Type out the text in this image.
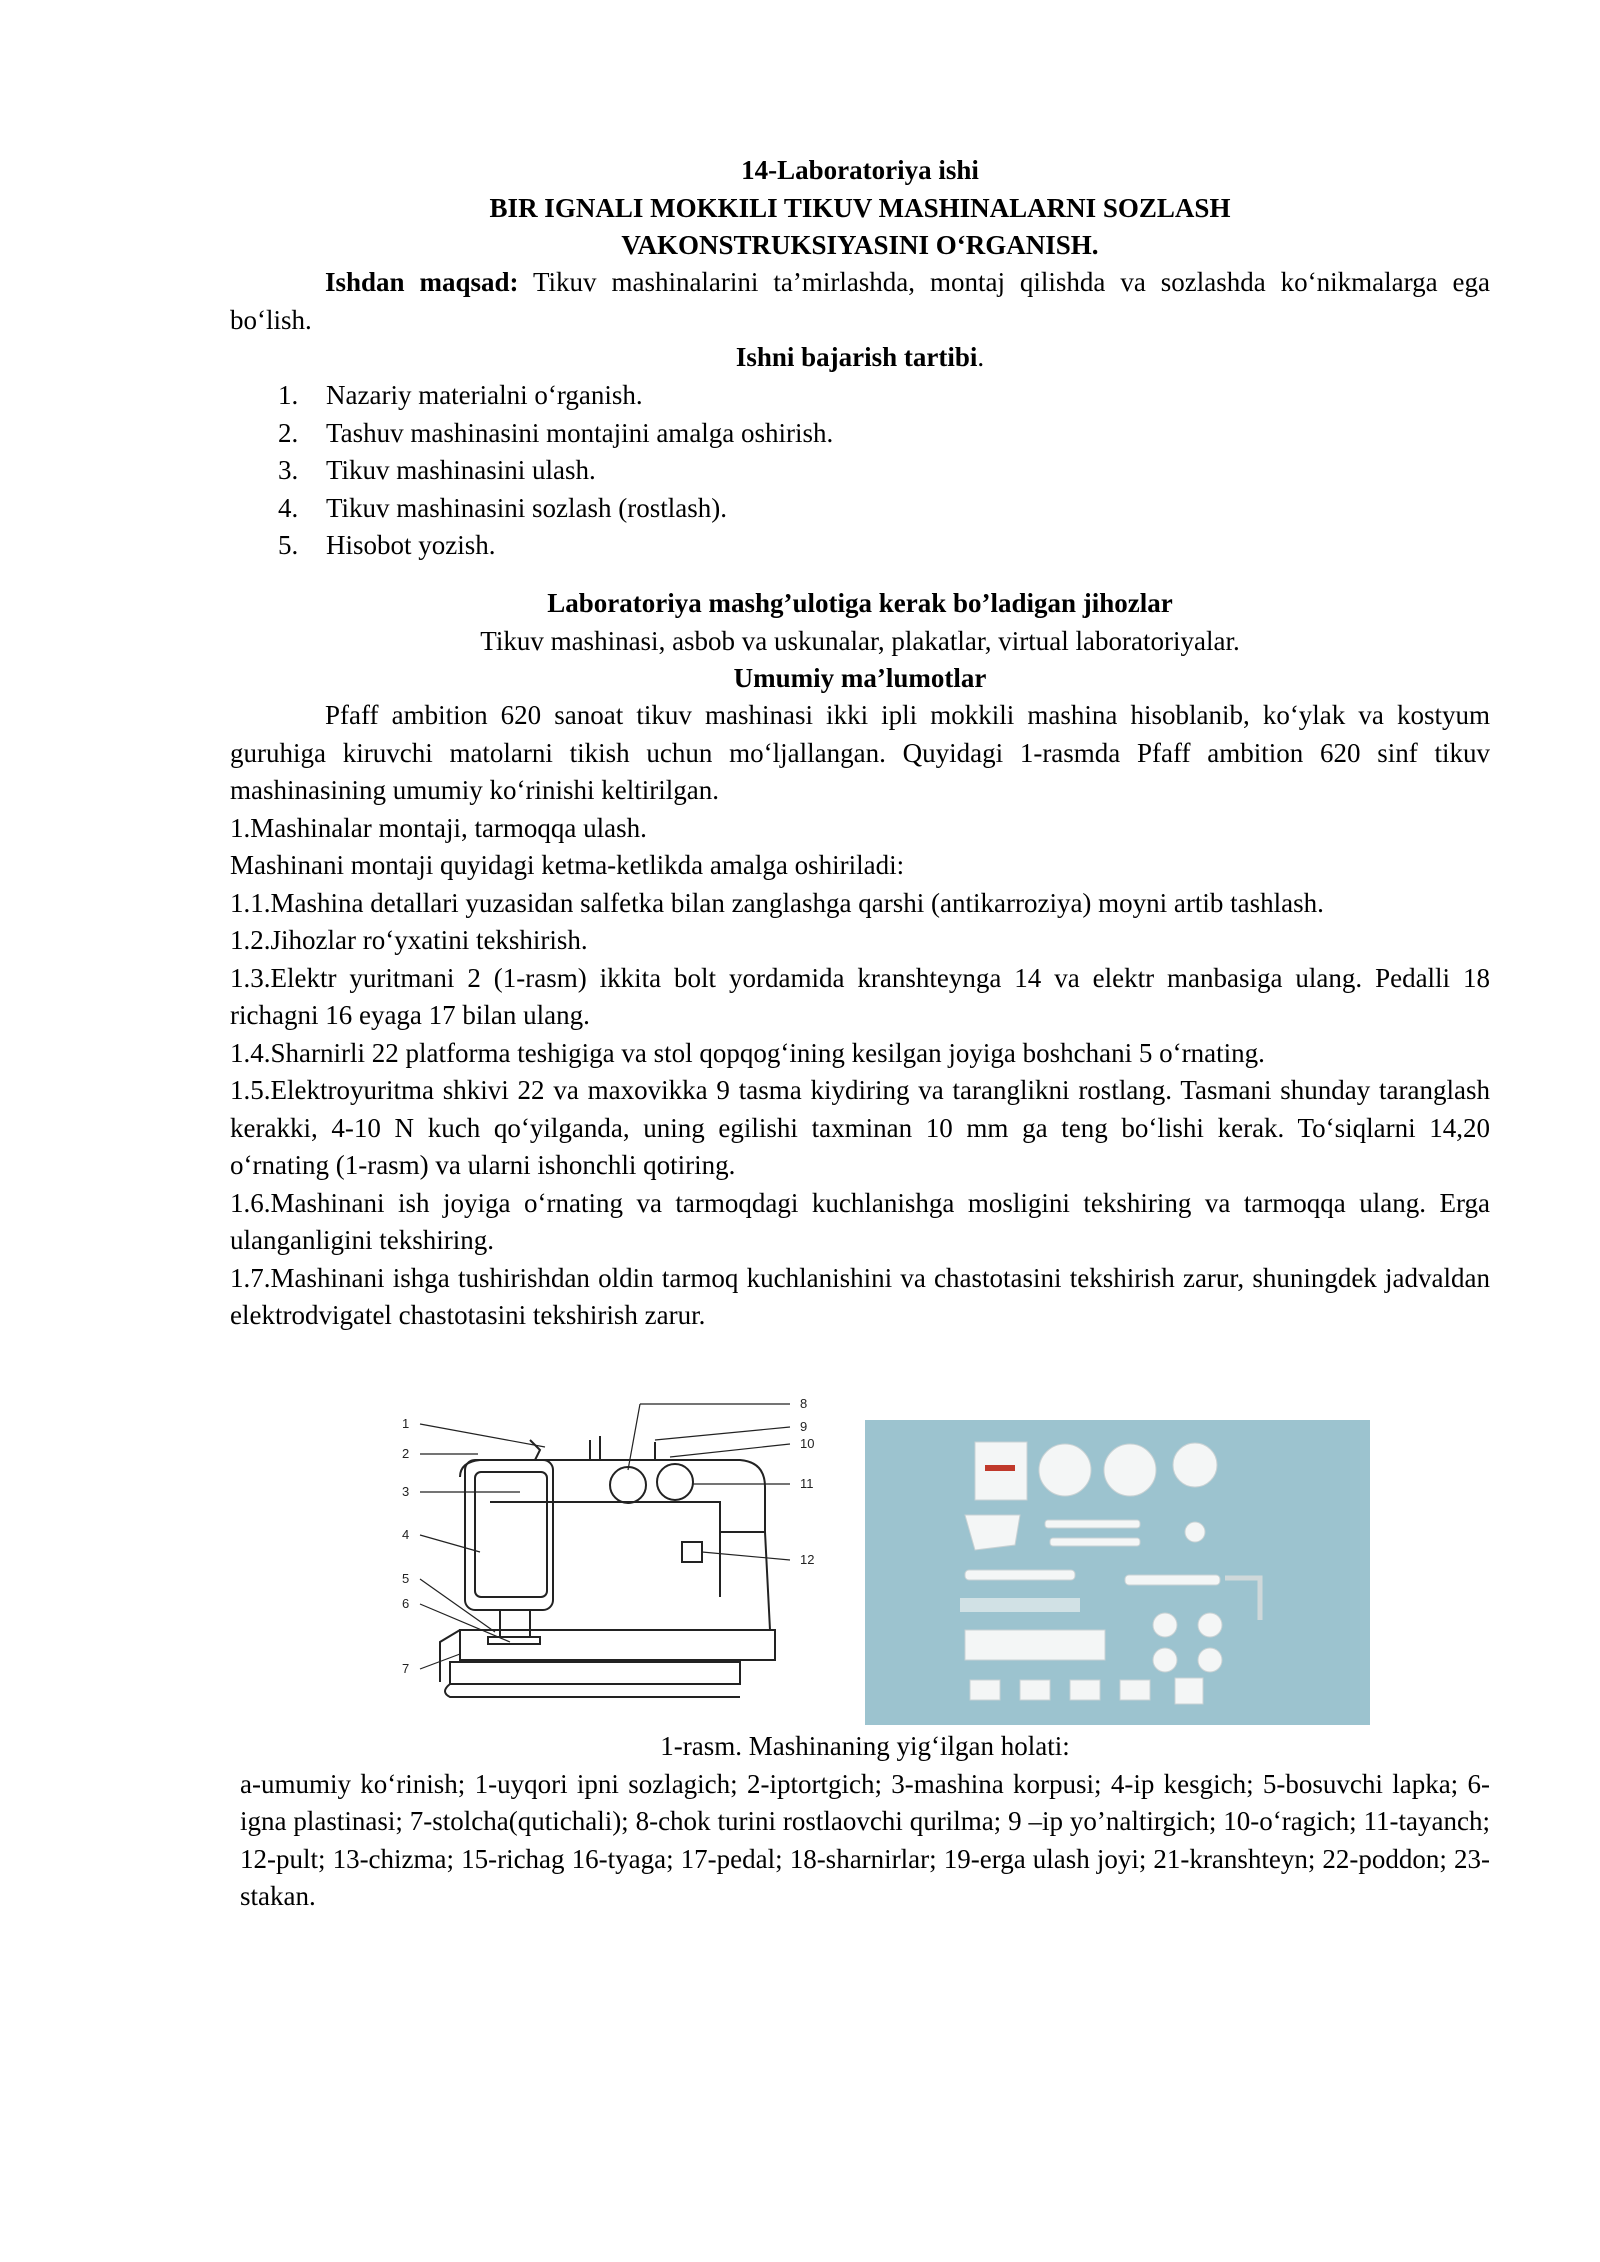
14-Laboratoriya ishi

BIR IGNALI MOKKILI TIKUV MASHINALARNI SOZLASH

VAKONSTRUKSIYASINI O‘RGANISH.

Ishdan maqsad: Tikuv mashinalarini ta’mirlashda, montaj qilishda va sozlashda ko‘nikmalarga ega bo‘lish.
Ishni bajarish tartibi.
1. Nazariy materialni o‘rganish.
2. Tashuv mashinasini montajini amalga oshirish.
3. Tikuv mashinasini ulash.
4. Tikuv mashinasini sozlash (rostlash).
5. Hisobot yozish.

Laboratoriya mashg’ulotiga kerak bo’ladigan jihozlar

Tikuv mashinasi, asbob va uskunalar, plakatlar, virtual laboratoriyalar.

Umumiy ma’lumotlar

Pfaff ambition 620 sanoat tikuv mashinasi ikki ipli mokkili mashina hisoblanib, ko‘ylak va kostyum guruhiga kiruvchi matolarni tikish uchun mo‘ljallangan. Quyidagi 1-rasmda Pfaff ambition 620 sinf tikuv mashinasining umumiy ko‘rinishi keltirilgan.

1.Mashinalar montaji, tarmoqqa ulash.

Mashinani montaji quyidagi ketma-ketlikda amalga oshiriladi:

1.1.Mashina detallari yuzasidan salfetka bilan zanglashga qarshi (antikarroziya) moyni artib tashlash.

1.2.Jihozlar ro‘yxatini tekshirish.

1.3.Elektr yuritmani 2 (1-rasm) ikkita bolt yordamida kranshteynga 14 va elektr manbasiga ulang. Pedalli 18 richagni 16 eyaga 17 bilan ulang.

1.4.Sharnirli 22 platforma teshigiga va stol qopqog‘ining kesilgan joyiga boshchani 5 o‘rnating.

1.5.Elektroyuritma shkivi 22 va maxovikka 9 tasma kiydiring va taranglikni rostlang. Tasmani shunday taranglash kerakki, 4-10 N kuch qo‘yilganda, uning egilishi taxminan 10 mm ga teng bo‘lishi kerak. To‘siqlarni 14,20 o‘rnating (1-rasm) va ularni ishonchli qotiring.

1.6.Mashinani ish joyiga o‘rnating va tarmoqdagi kuchlanishga mosligini tekshiring va tarmoqqa ulang. Erga ulanganligini tekshiring.

1.7.Mashinani ishga tushirishdan oldin tarmoq kuchlanishini va chastotasini tekshirish zarur, shuningdek jadvaldan elektrodvigatel chastotasini tekshirish zarur.

1
2
3
4
5
6
7
8
9
10
11
12

1-rasm. Mashinaning yig‘ilgan holati:

a-umumiy ko‘rinish; 1-uyqori ipni sozlagich; 2-iptortgich; 3-mashina korpusi; 4-ip kesgich; 5-bosuvchi lapka; 6-igna plastinasi; 7-stolcha(qutichali); 8-chok turini rostlaovchi qurilma; 9 –ip yo’naltirgich; 10-o‘ragich; 11-tayanch; 12-pult; 13-chizma; 15-richag 16-tyaga; 17-pedal; 18-sharnirlar; 19-erga ulash joyi; 21-kranshteyn; 22-poddon; 23-stakan.
